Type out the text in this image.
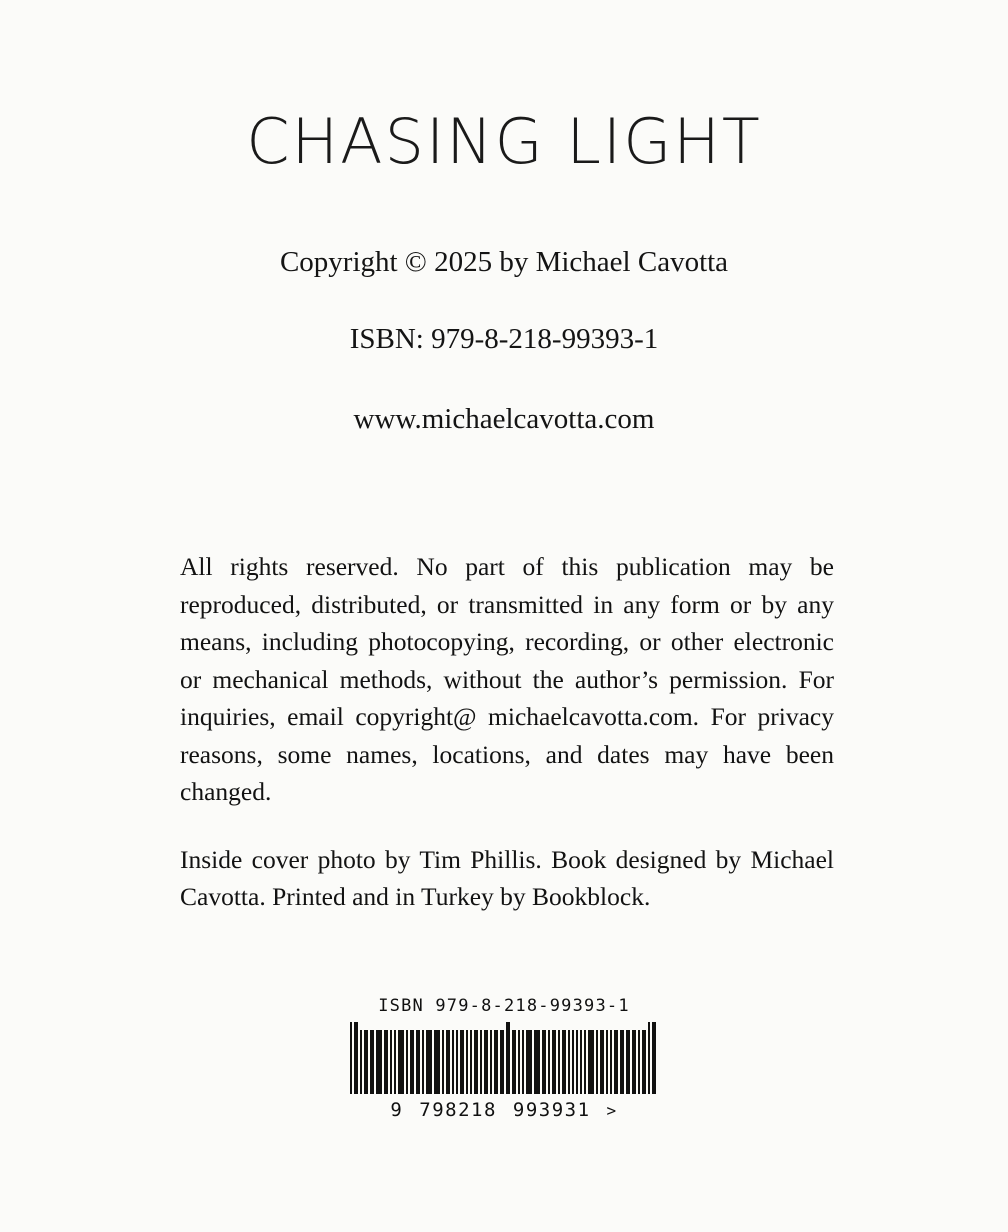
CHASING LIGHT
Copyright © 2025 by Michael Cavotta
ISBN: 979-8-218-99393-1
www.michaelcavotta.com

All rights reserved. No part of this publication may be reproduced, distributed, or transmitted in any form or by any means, including photocopying, recording, or other electronic or mechanical methods, without the author’s permission. For inquiries, email copyright@ michaelcavotta.com. For privacy reasons, some names, locations, and dates may have been changed.

Inside cover photo by Tim Phillis. Book designed by Michael Cavotta. Printed and in Turkey by Bookblock.

ISBN 979-8-218-99393-1
9 798218 993931 >
